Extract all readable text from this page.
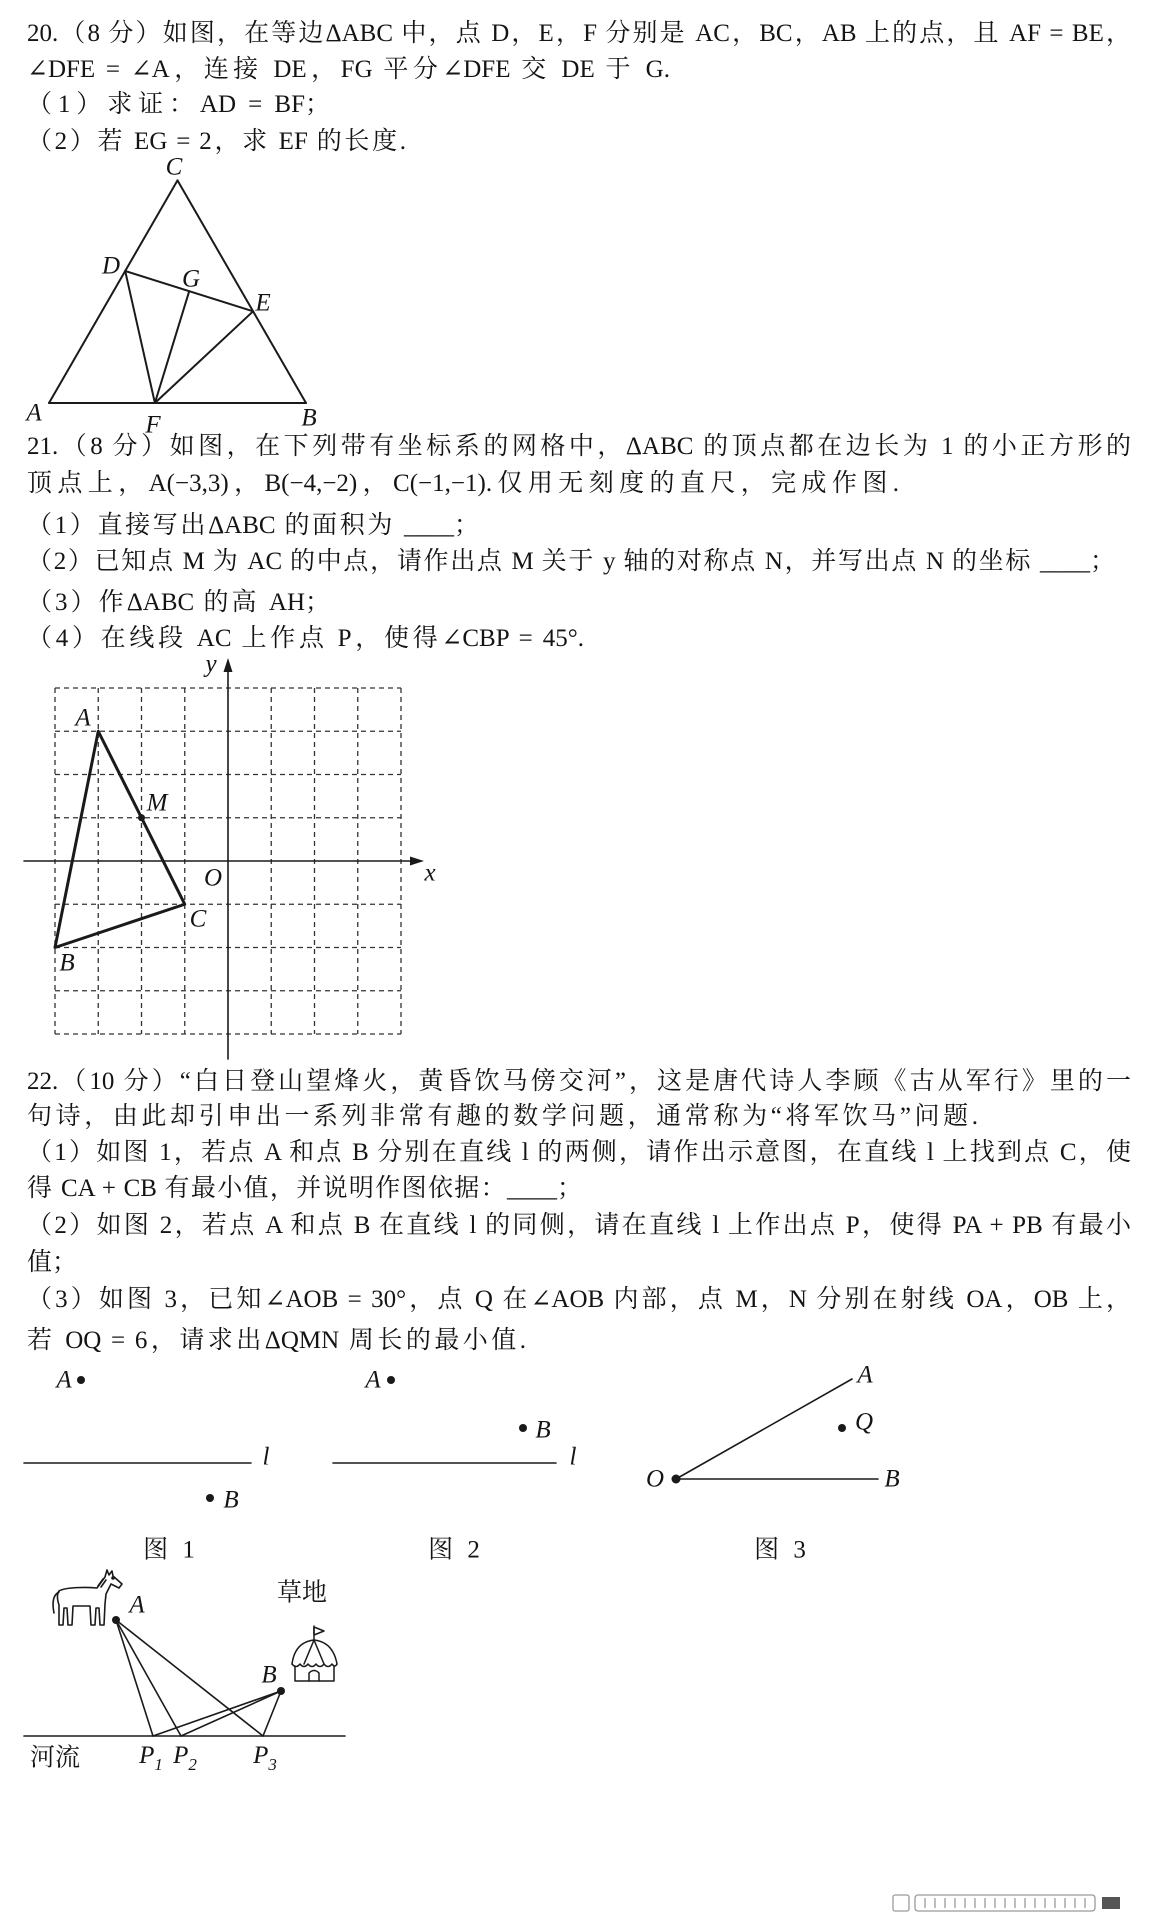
20.（8 分）如图，在等边ΔABC 中，点 D，E，F 分别是 AC，BC，AB 上的点，且 AF = BE，
∠DFE = ∠A，连接 DE，FG 平分∠DFE 交 DE 于 G.
（1）求证：AD = BF；
（2）若 EG = 2，求 EF 的长度.
21.（8 分）如图，在下列带有坐标系的网格中，ΔABC 的顶点都在边长为 1 的小正方形的
顶点上，A(−3,3)，B(−4,−2)，C(−1,−1).仅用无刻度的直尺，完成作图.
（1）直接写出ΔABC 的面积为 ____；
（2）已知点 M 为 AC 的中点，请作出点 M 关于 y 轴的对称点 N，并写出点 N 的坐标 ____；
（3）作ΔABC 的高 AH；
（4）在线段 AC 上作点 P，使得∠CBP = 45°.
22.（10 分）“白日登山望烽火，黄昏饮马傍交河”，这是唐代诗人李顾《古从军行》里的一
句诗，由此却引申出一系列非常有趣的数学问题，通常称为“将军饮马”问题.
（1）如图 1，若点 A 和点 B 分别在直线 l 的两侧，请作出示意图，在直线 l 上找到点 C，使
得 CA + CB 有最小值，并说明作图依据：____；
（2）如图 2，若点 A 和点 B 在直线 l 的同侧，请在直线 l 上作出点 P，使得 PA + PB 有最小
值；
（3）如图 3，已知∠AOB = 30°，点 Q 在∠AOB 内部，点 M，N 分别在射线 OA，OB 上，
若 OQ = 6，请求出ΔQMN 周长的最小值.
A	B
C
D
E
F
G
y
x
O
A
B
C
M
A
B
l
图 1
A
B
l
图 2
O
A
Q
B
图 3
A
B
$P_1$ $P_2$ $P_3$
草地
河流
